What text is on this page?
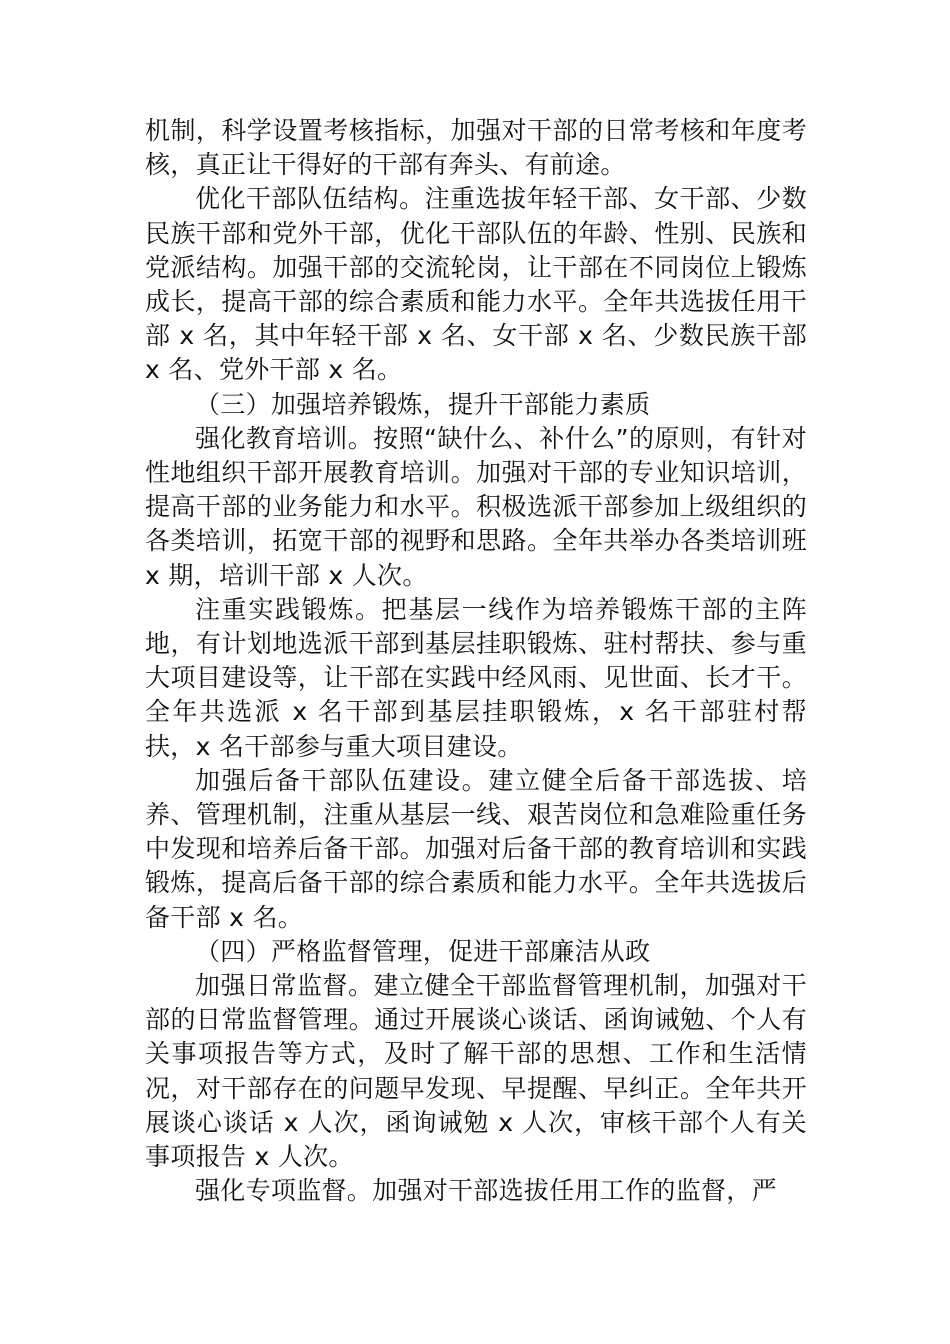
机制，科学设置考核指标，加强对干部的日常考核和年度考核，真正让干得好的干部有奔头、有前途。

优化干部队伍结构。注重选拔年轻干部、女干部、少数民族干部和党外干部，优化干部队伍的年龄、性别、民族和党派结构。加强干部的交流轮岗，让干部在不同岗位上锻炼成长，提高干部的综合素质和能力水平。全年共选拔任用干部 x 名，其中年轻干部 x 名、女干部 x 名、少数民族干部 x 名、党外干部 x 名。

（三）加强培养锻炼，提升干部能力素质

强化教育培训。按照“缺什么、补什么”的原则，有针对性地组织干部开展教育培训。加强对干部的专业知识培训，提高干部的业务能力和水平。积极选派干部参加上级组织的各类培训，拓宽干部的视野和思路。全年共举办各类培训班 x 期，培训干部 x 人次。

注重实践锻炼。把基层一线作为培养锻炼干部的主阵地，有计划地选派干部到基层挂职锻炼、驻村帮扶、参与重大项目建设等，让干部在实践中经风雨、见世面、长才干。全年共选派 x 名干部到基层挂职锻炼，x 名干部驻村帮扶，x 名干部参与重大项目建设。

加强后备干部队伍建设。建立健全后备干部选拔、培养、管理机制，注重从基层一线、艰苦岗位和急难险重任务中发现和培养后备干部。加强对后备干部的教育培训和实践锻炼，提高后备干部的综合素质和能力水平。全年共选拔后备干部 x 名。

（四）严格监督管理，促进干部廉洁从政

加强日常监督。建立健全干部监督管理机制，加强对干部的日常监督管理。通过开展谈心谈话、函询诫勉、个人有关事项报告等方式，及时了解干部的思想、工作和生活情况，对干部存在的问题早发现、早提醒、早纠正。全年共开展谈心谈话 x 人次，函询诫勉 x 人次，审核干部个人有关事项报告 x 人次。

强化专项监督。加强对干部选拔任用工作的监督，严
